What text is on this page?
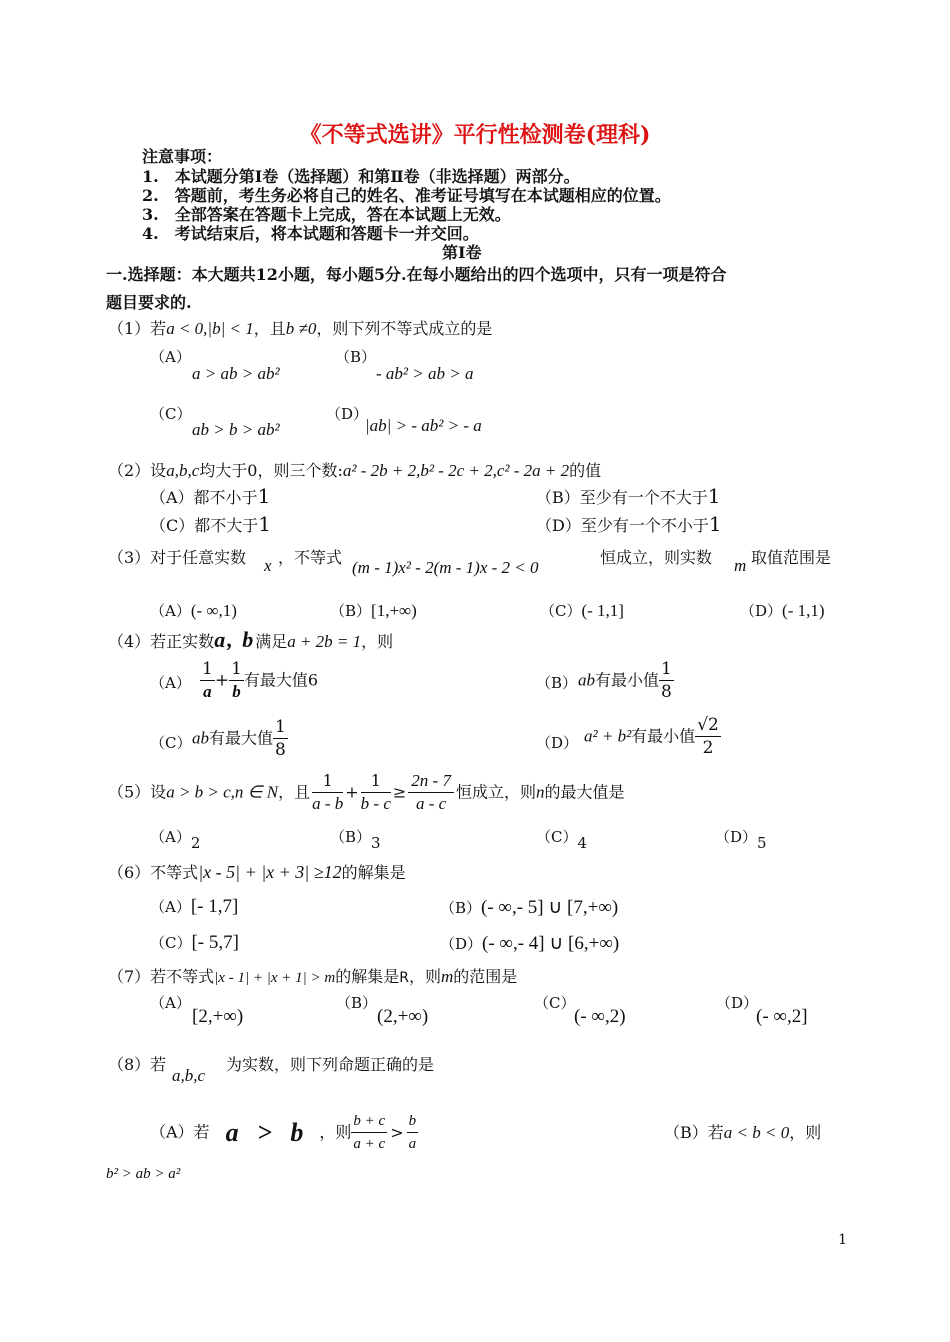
《不等式选讲》平行性检测卷(理科)
注意事项：
1.　本试题分第Ⅰ卷（选择题）和第Ⅱ卷（非选择题）两部分。
2.　答题前，考生务必将自己的姓名、准考证号填写在本试题相应的位置。
3.　全部答案在答题卡上完成，答在本试题上无效。
4.　考试结束后，将本试题和答题卡一并交回。
第Ⅰ卷
一.选择题：本大题共12小题，每小题5分.在每小题给出的四个选项中，只有一项是符合
题目要求的.
（1）若a < 0,|b| < 1，且b ≠0，则下列不等式成立的是
（A）
a > ab > ab²
（B）
- ab² > ab > a
（C）
ab > b > ab²
（D）
|ab| > - ab² > - a
（2）设a,b,c均大于0，则三个数:a² - 2b + 2,b² - 2c + 2,c² - 2a + 2的值
（A）都不小于1	（B）至少有一个不大于1
（C）都不大于1	（D）至少有一个不小于1
（3）对于任意实数 x ，不等式
(m - 1)x² - 2(m - 1)x - 2 < 0
恒成立，则实数 m 取值范围是
（A）(- ∞,1)	（B）[1,+∞)	（C）(- 1,1]	（D）(- 1,1)
（4）若正实数a, b满足a + 2b = 1，则
$(A) \frac{1}{a} + \frac{1}{b}$ 有最大值6	（B） ab有最小值 $\frac{1}{8}$
（C） ab有最大值 $\frac{1}{8}$	（D） a² + b²有最小值 $\frac{√2}{2}$
（5）设a > b > c,n ∈ N，且 $\frac{1}{a - b} + \frac{1}{b - c} \ge \frac{2n - 7}{a - c}$ 恒成立，则n的最大值是
（A）2	（B）3	（C）4	（D）5
（6）不等式|x - 5| + |x + 3| ≥12的解集是
（A）[- 1,7]	（B）(- ∞,- 5] ∪ [7,+∞)
（C）[- 5,7]	（D）(- ∞,- 4] ∪ [6,+∞)
（7）若不等式|x - 1| + |x + 1| > m的解集是R，则m的范围是
（A）
[2,+∞)
（B）
(2,+∞)
（C）
(- ∞,2)
（D）
(- ∞,2]
（8）若
a,b,c
为实数，则下列命题正确的是
（A）若 a > b ，则 $\frac{b + c}{a + c} > \frac{b}{a}$	（B）若a < b < 0，则
b² > ab > a²
1
